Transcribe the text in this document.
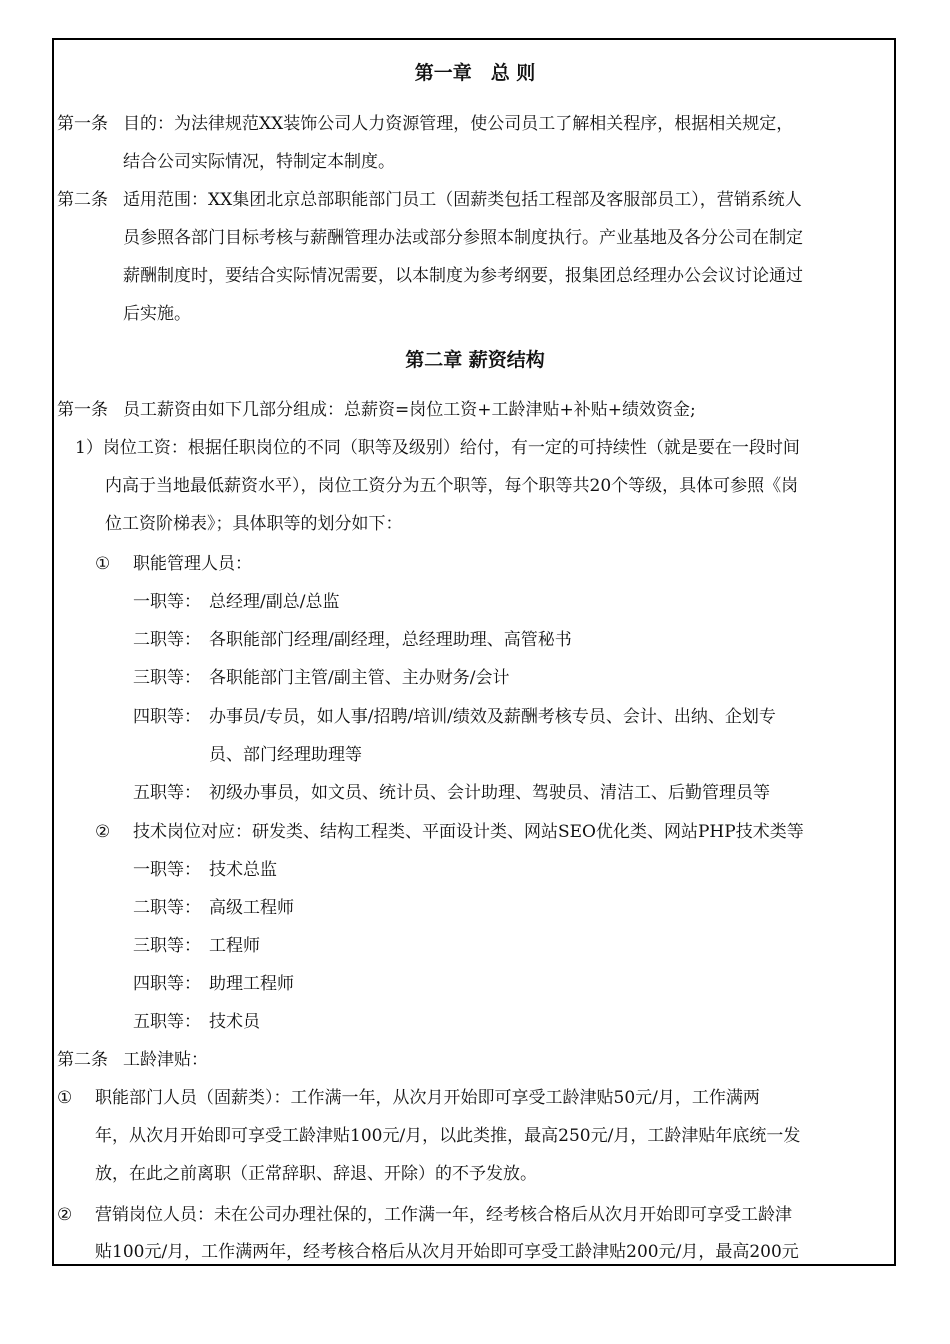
第一章　总 则
第一条 目的：为法律规范XX装饰公司人力资源管理，使公司员工了解相关程序，根据相关规定，
结合公司实际情况，特制定本制度。
第二条 适用范围：XX集团北京总部职能部门员工（固薪类包括工程部及客服部员工），营销系统人
员参照各部门目标考核与薪酬管理办法或部分参照本制度执行。产业基地及各分公司在制定
薪酬制度时，要结合实际情况需要，以本制度为参考纲要，报集团总经理办公会议讨论通过
后实施。
第二章 薪资结构
第一条 员工薪资由如下几部分组成：总薪资=岗位工资+工龄津贴+补贴+绩效资金;
1）岗位工资：根据任职岗位的不同（职等及级别）给付，有一定的可持续性（就是要在一段时间
内高于当地最低薪资水平），岗位工资分为五个职等，每个职等共20个等级，具体可参照《岗
位工资阶梯表》；具体职等的划分如下：
① 职能管理人员：
一职等： 总经理/副总/总监
二职等： 各职能部门经理/副经理，总经理助理、高管秘书
三职等： 各职能部门主管/副主管、主办财务/会计
四职等： 办事员/专员，如人事/招聘/培训/绩效及薪酬考核专员、会计、出纳、企划专
员、部门经理助理等
五职等： 初级办事员，如文员、统计员、会计助理、驾驶员、清洁工、后勤管理员等
② 技术岗位对应：研发类、结构工程类、平面设计类、网站SEO优化类、网站PHP技术类等
一职等： 技术总监
二职等： 高级工程师
三职等： 工程师
四职等： 助理工程师
五职等： 技术员
第二条 工龄津贴：
① 职能部门人员（固薪类）：工作满一年，从次月开始即可享受工龄津贴50元/月，工作满两
年，从次月开始即可享受工龄津贴100元/月，以此类推，最高250元/月，工龄津贴年底统一发
放，在此之前离职（正常辞职、辞退、开除）的不予发放。
② 营销岗位人员：未在公司办理社保的，工作满一年，经考核合格后从次月开始即可享受工龄津
贴100元/月，工作满两年，经考核合格后从次月开始即可享受工龄津贴200元/月，最高200元
